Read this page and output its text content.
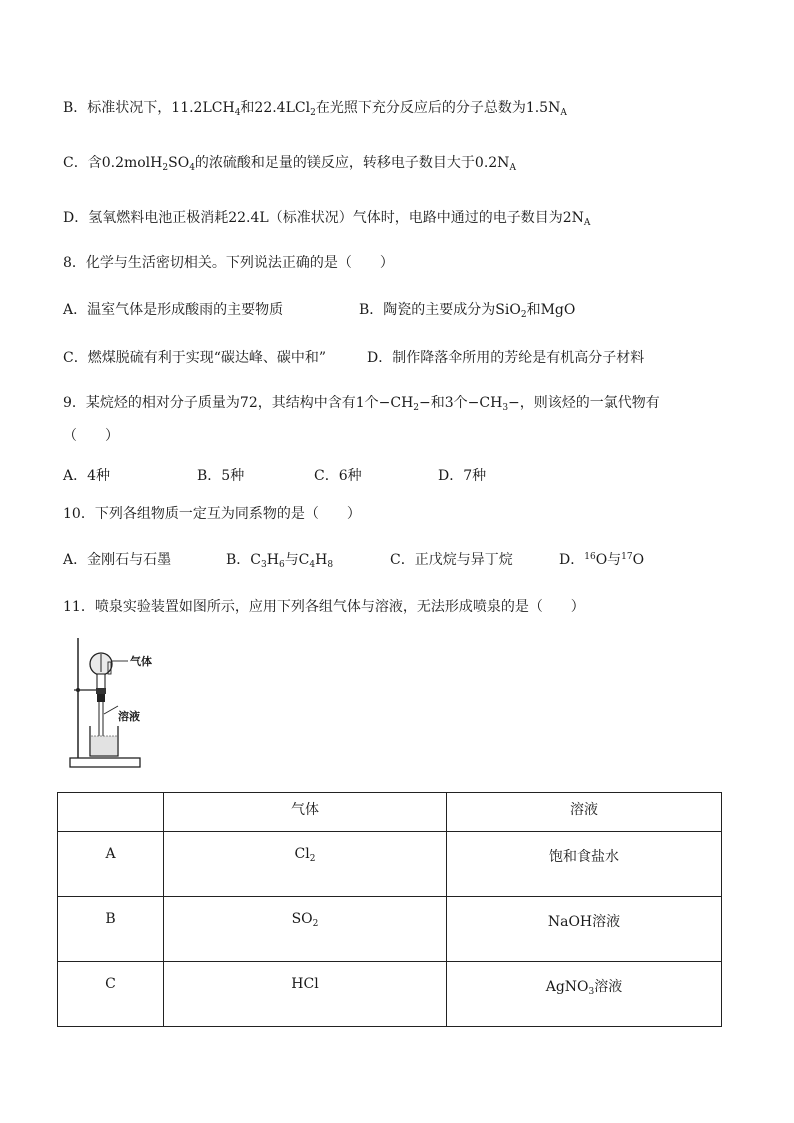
B．标准状况下，$11.2LCH_4$和22.4LCl$_2$在光照下充分反应后的分子总数为$1.5N_A$
C．含$0.2molH_2SO_4$的浓硫酸和足量的镁反应，转移电子数目大于$0.2N_A$
D．氢氧燃料电池正极消耗22.4L（标准状况）气体时，电路中通过的电子数目为$2N_A$
8．化学与生活密切相关。下列说法正确的是（　　）
A．温室气体是形成酸雨的主要物质	B．陶瓷的主要成分为SiO$_2$和MgO
C．燃煤脱硫有利于实现“碳达峰、碳中和”	D．制作降落伞所用的芳纶是有机高分子材料
9．某烷烃的相对分子质量为72，其结构中含有1个$-CH_2-$和3个$-CH_3-$，则该烃的一氯代物有
（　　）
A．4种	B．5种	C．6种	D．7种
10．下列各组物质一定互为同系物的是（　　）
A．金刚石与石墨	B．$C_3H_6$与$C_4H_8$	C．正戊烷与异丁烷	D．$^{16}$O与$^{17}$O
11．喷泉实验装置如图所示，应用下列各组气体与溶液，无法形成喷泉的是（　　）
气体
溶液
	气体	溶液
A	$Cl_2$	饱和食盐水
B	$SO_2$	NaOH溶液
C	HCl	AgNO$_3$溶液
